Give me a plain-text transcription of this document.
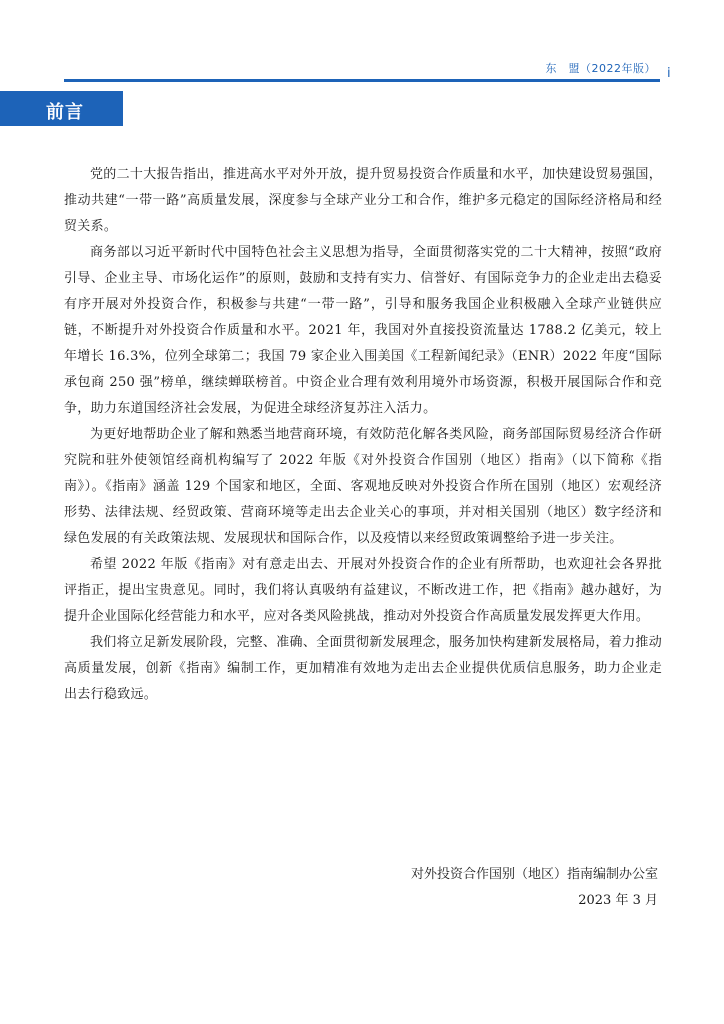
东　盟（2022年版） i
前言

党的二十大报告指出，推进高水平对外开放，提升贸易投资合作质量和水平，加快建设贸易强国，推动共建“一带一路”高质量发展，深度参与全球产业分工和合作，维护多元稳定的国际经济格局和经贸关系。

商务部以习近平新时代中国特色社会主义思想为指导，全面贯彻落实党的二十大精神，按照“政府引导、企业主导、市场化运作”的原则，鼓励和支持有实力、信誉好、有国际竞争力的企业走出去稳妥有序开展对外投资合作，积极参与共建“一带一路”，引导和服务我国企业积极融入全球产业链供应链，不断提升对外投资合作质量和水平。2021 年，我国对外直接投资流量达 1788.2 亿美元，较上年增长 16.3%，位列全球第二；我国 79 家企业入围美国《工程新闻纪录》（ENR）2022 年度“国际承包商 250 强”榜单，继续蝉联榜首。中资企业合理有效利用境外市场资源，积极开展国际合作和竞争，助力东道国经济社会发展，为促进全球经济复苏注入活力。

为更好地帮助企业了解和熟悉当地营商环境，有效防范化解各类风险，商务部国际贸易经济合作研究院和驻外使领馆经商机构编写了 2022 年版《对外投资合作国别（地区）指南》（以下简称《指南》）。《指南》涵盖 129 个国家和地区，全面、客观地反映对外投资合作所在国别（地区）宏观经济形势、法律法规、经贸政策、营商环境等走出去企业关心的事项，并对相关国别（地区）数字经济和绿色发展的有关政策法规、发展现状和国际合作，以及疫情以来经贸政策调整给予进一步关注。

希望 2022 年版《指南》对有意走出去、开展对外投资合作的企业有所帮助，也欢迎社会各界批评指正，提出宝贵意见。同时，我们将认真吸纳有益建议，不断改进工作，把《指南》越办越好，为提升企业国际化经营能力和水平，应对各类风险挑战，推动对外投资合作高质量发展发挥更大作用。

我们将立足新发展阶段，完整、准确、全面贯彻新发展理念，服务加快构建新发展格局，着力推动高质量发展，创新《指南》编制工作，更加精准有效地为走出去企业提供优质信息服务，助力企业走出去行稳致远。

对外投资合作国别（地区）指南编制办公室
2023 年 3 月
